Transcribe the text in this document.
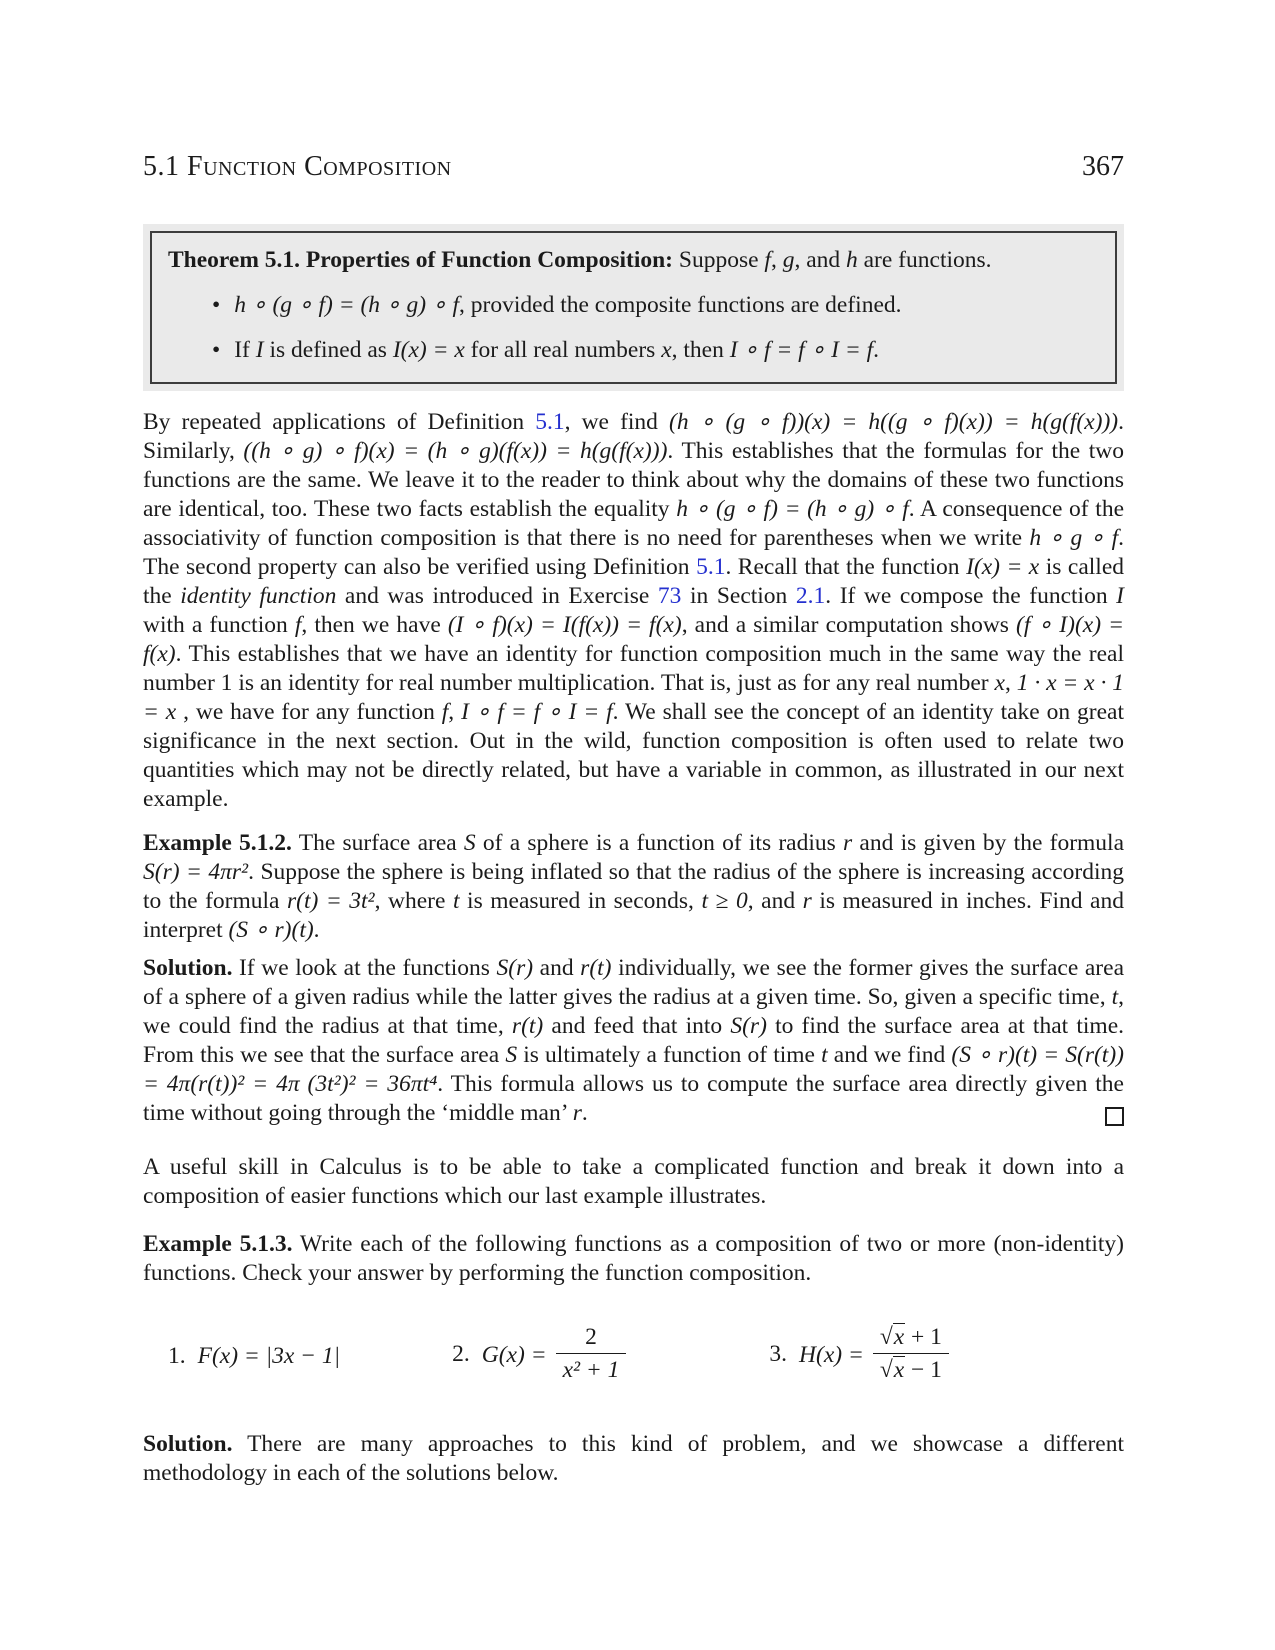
5.1 Function Composition	367
Theorem 5.1. Properties of Function Composition: Suppose f, g, and h are functions.
• h ∘ (g ∘ f) = (h ∘ g) ∘ f, provided the composite functions are defined.
• If I is defined as I(x) = x for all real numbers x, then I ∘ f = f ∘ I = f.

By repeated applications of Definition 5.1, we find (h ∘ (g ∘ f))(x) = h((g ∘ f)(x)) = h(g(f(x))). Similarly, ((h ∘ g) ∘ f)(x) = (h ∘ g)(f(x)) = h(g(f(x))). This establishes that the formulas for the two functions are the same. We leave it to the reader to think about why the domains of these two functions are identical, too. These two facts establish the equality h ∘ (g ∘ f) = (h ∘ g) ∘ f. A consequence of the associativity of function composition is that there is no need for parentheses when we write h ∘ g ∘ f. The second property can also be verified using Definition 5.1. Recall that the function I(x) = x is called the identity function and was introduced in Exercise 73 in Section 2.1. If we compose the function I with a function f, then we have (I ∘ f)(x) = I(f(x)) = f(x), and a similar computation shows (f ∘ I)(x) = f(x). This establishes that we have an identity for function composition much in the same way the real number 1 is an identity for real number multiplication. That is, just as for any real number x, 1 · x = x · 1 = x , we have for any function f, I ∘ f = f ∘ I = f. We shall see the concept of an identity take on great significance in the next section. Out in the wild, function composition is often used to relate two quantities which may not be directly related, but have a variable in common, as illustrated in our next example.

Example 5.1.2. The surface area S of a sphere is a function of its radius r and is given by the formula S(r) = 4πr². Suppose the sphere is being inflated so that the radius of the sphere is increasing according to the formula r(t) = 3t², where t is measured in seconds, t ≥ 0, and r is measured in inches. Find and interpret (S ∘ r)(t).

Solution. If we look at the functions S(r) and r(t) individually, we see the former gives the surface area of a sphere of a given radius while the latter gives the radius at a given time. So, given a specific time, t, we could find the radius at that time, r(t) and feed that into S(r) to find the surface area at that time. From this we see that the surface area S is ultimately a function of time t and we find (S ∘ r)(t) = S(r(t)) = 4π(r(t))² = 4π (3t²)² = 36πt⁴. This formula allows us to compute the surface area directly given the time without going through the ‘middle man’ r.

A useful skill in Calculus is to be able to take a complicated function and break it down into a composition of easier functions which our last example illustrates.

Example 5.1.3. Write each of the following functions as a composition of two or more (non-identity) functions. Check your answer by performing the function composition.

1. F(x) = |3x − 1|	2. $G(x) = \frac{2}{\text{x² + 1}}$	3. $H(x) = \frac{√x + 1}{√x - 1}$

Solution. There are many approaches to this kind of problem, and we showcase a different methodology in each of the solutions below.
